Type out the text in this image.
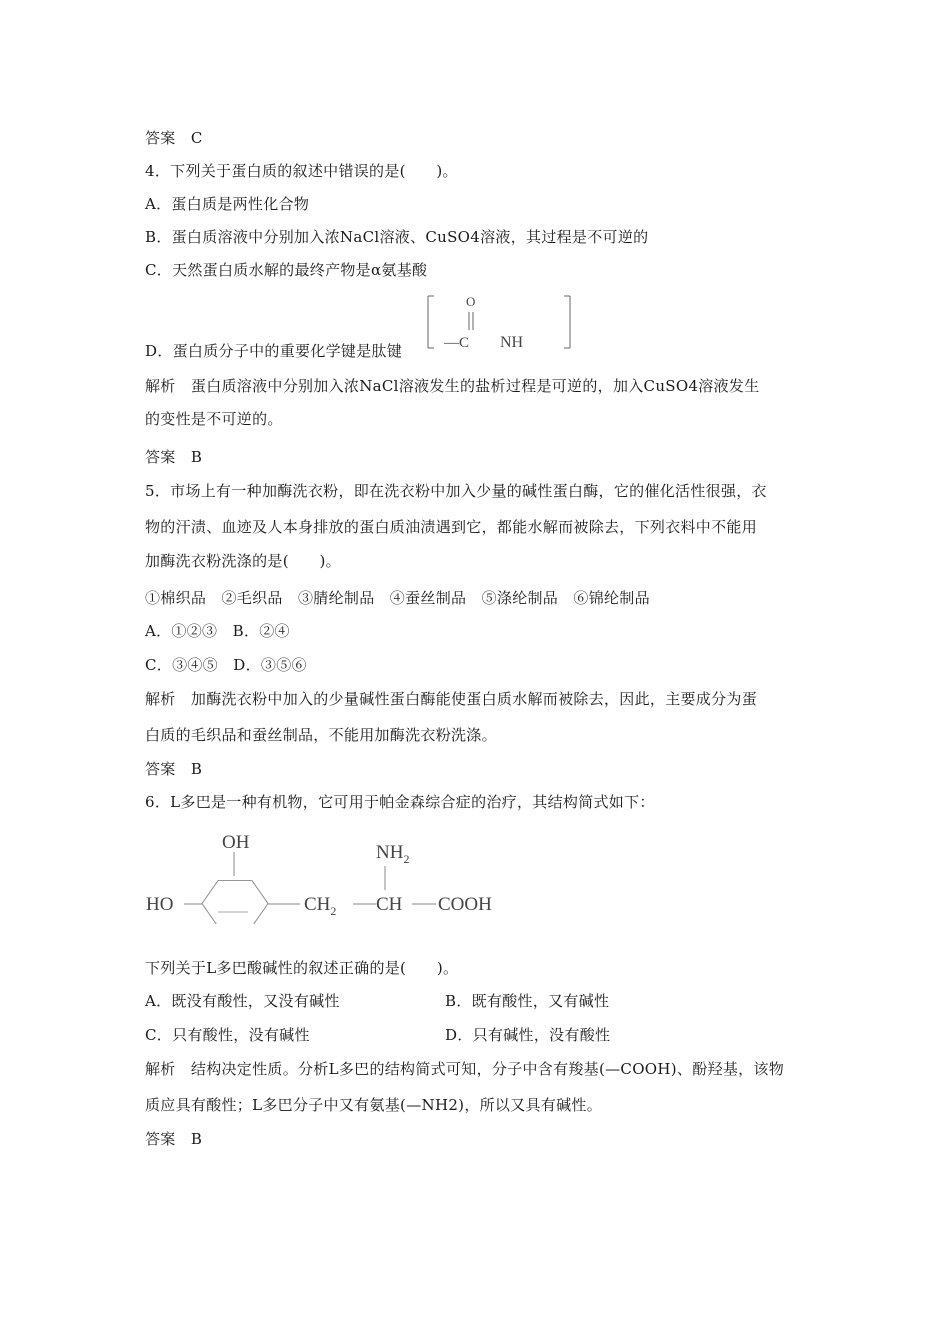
答案　C
4．下列关于蛋白质的叙述中错误的是(　　)。
A．蛋白质是两性化合物
B．蛋白质溶液中分别加入浓NaCl溶液、CuSO4溶液，其过程是不可逆的
C．天然蛋白质水解的最终产物是α氨基酸
D．蛋白质分子中的重要化学键是肽键
O
—C NH
解析　蛋白质溶液中分别加入浓NaCl溶液发生的盐析过程是可逆的，加入CuSO4溶液发生
的变性是不可逆的。
答案　B
5．市场上有一种加酶洗衣粉，即在洗衣粉中加入少量的碱性蛋白酶，它的催化活性很强，衣
物的汗渍、血迹及人本身排放的蛋白质油渍遇到它，都能水解而被除去，下列衣料中不能用
加酶洗衣粉洗涤的是(　　)。
①棉织品　②毛织品　③腈纶制品　④蚕丝制品　⑤涤纶制品　⑥锦纶制品
A．①②③　B．②④
C．③④⑤　D．③⑤⑥
解析　加酶洗衣粉中加入的少量碱性蛋白酶能使蛋白质水解而被除去，因此，主要成分为蛋
白质的毛织品和蚕丝制品，不能用加酶洗衣粉洗涤。
答案　B
6．L多巴是一种有机物，它可用于帕金森综合症的治疗，其结构简式如下：
OH
HO	$CH_2$
$NH_2$
CH COOH
下列关于L多巴酸碱性的叙述正确的是(　　)。
A．既没有酸性，又没有碱性	B．既有酸性，又有碱性
C．只有酸性，没有碱性	D．只有碱性，没有酸性
解析　结构决定性质。分析L多巴的结构简式可知，分子中含有羧基(—COOH)、酚羟基，该物
质应具有酸性；L多巴分子中又有氨基(—NH2)，所以又具有碱性。
答案　B
